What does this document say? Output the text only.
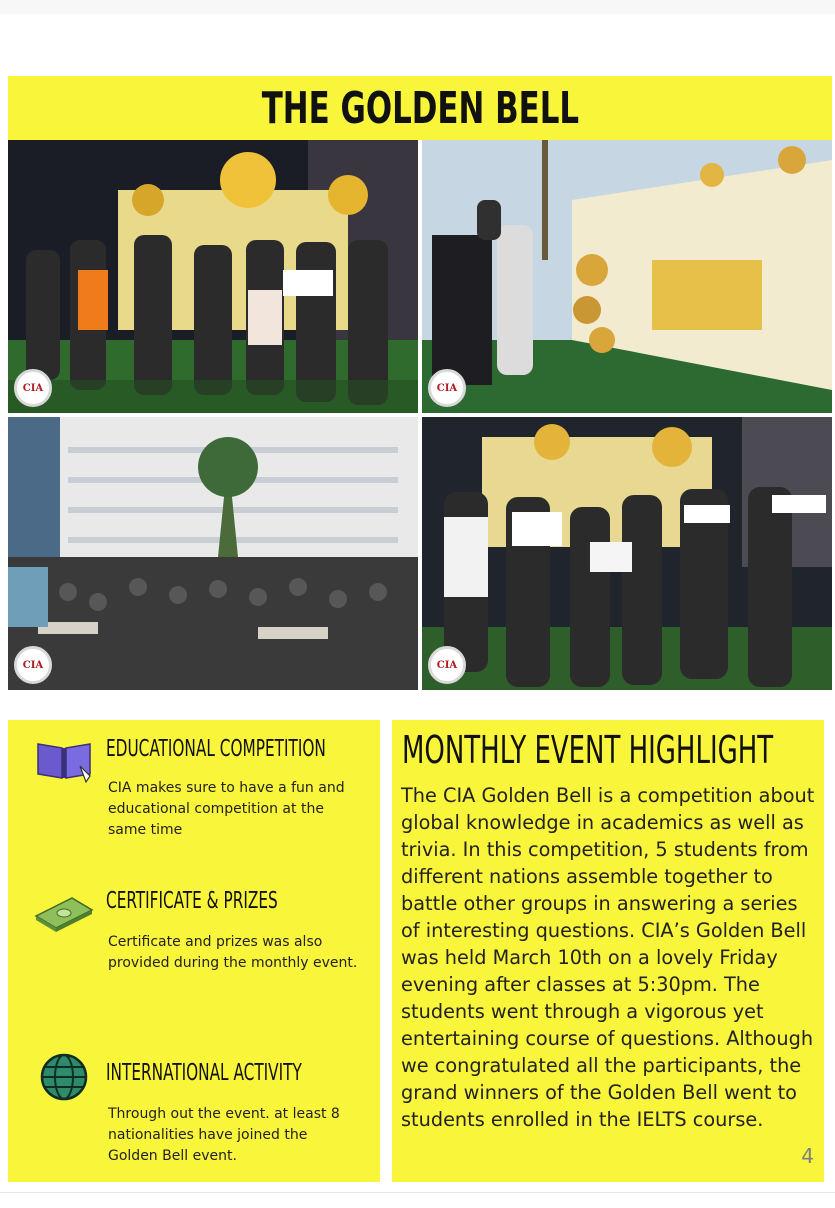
THE GOLDEN BELL
CIA	CIA
CIA	CIA
EDUCATIONAL COMPETITION
CIA makes sure to have a fun and educational competition at the same time
CERTIFICATE & PRIZES
Certificate and prizes was also provided during the monthly event.
INTERNATIONAL ACTIVITY
Through out the event. at least 8 nationalities have joined the Golden Bell event.
MONTHLY EVENT HIGHLIGHT
The CIA Golden Bell is a competition about global knowledge in academics as well as trivia. In this competition, 5 students from different nations assemble together to battle other groups in answering a series of interesting questions. CIA’s Golden Bell was held March 10th on a lovely Friday evening after classes at 5:30pm. The students went through a vigorous yet entertaining course of questions. Although we congratulated all the participants, the grand winners of the Golden Bell went to students enrolled in the IELTS course.
4
